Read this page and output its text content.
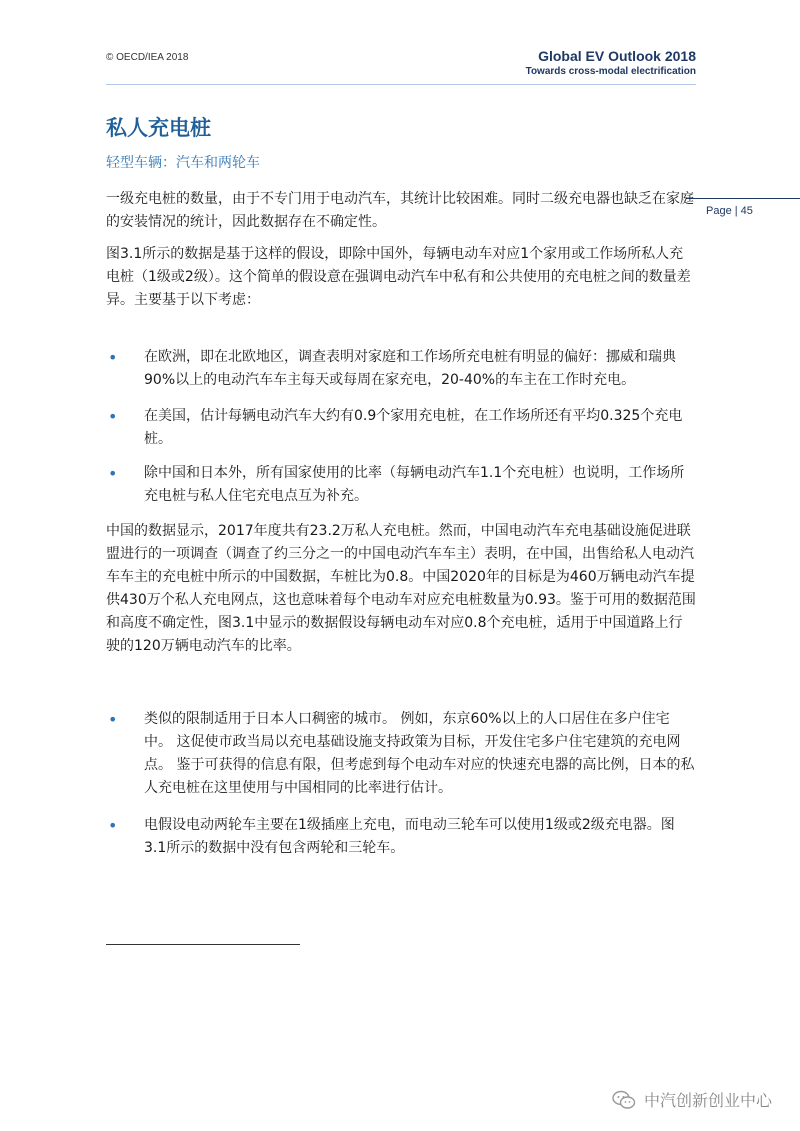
© OECD/IEA 2018	Global EV Outlook 2018
Towards cross-modal electrification
Page | 45
私人充电桩
轻型车辆：汽车和两轮车
一级充电桩的数量，由于不专门用于电动汽车，其统计比较困难。同时二级充电器也缺乏在家庭的安装情况的统计，因此数据存在不确定性。
图3.1所示的数据是基于这样的假设，即除中国外，每辆电动车对应1个家用或工作场所私人充电桩（1级或2级）。这个简单的假设意在强调电动汽车中私有和公共使用的充电桩之间的数量差异。主要基于以下考虑：
• 在欧洲，即在北欧地区，调查表明对家庭和工作场所充电桩有明显的偏好：挪威和瑞典90%以上的电动汽车车主每天或每周在家充电，20-40%的车主在工作时充电。
• 在美国，估计每辆电动汽车大约有0.9个家用充电桩，在工作场所还有平均0.325个充电桩。
• 除中国和日本外，所有国家使用的比率（每辆电动汽车1.1个充电桩）也说明，工作场所充电桩与私人住宅充电点互为补充。
中国的数据显示，2017年度共有23.2万私人充电桩。然而，中国电动汽车充电基础设施促进联盟进行的一项调查（调查了约三分之一的中国电动汽车车主）表明，在中国，出售给私人电动汽车车主的充电桩中所示的中国数据，车桩比为0.8。中国2020年的目标是为460万辆电动汽车提供430万个私人充电网点，这也意味着每个电动车对应充电桩数量为0.93。鉴于可用的数据范围和高度不确定性，图3.1中显示的数据假设每辆电动车对应0.8个充电桩，适用于中国道路上行驶的120万辆电动汽车的比率。
• 类似的限制适用于日本人口稠密的城市。 例如，东京60%以上的人口居住在多户住宅中。 这促使市政当局以充电基础设施支持政策为目标，开发住宅多户住宅建筑的充电网点。 鉴于可获得的信息有限，但考虑到每个电动车对应的快速充电器的高比例，日本的私人充电桩在这里使用与中国相同的比率进行估计。
• 电假设电动两轮车主要在1级插座上充电，而电动三轮车可以使用1级或2级充电器。图3.1所示的数据中没有包含两轮和三轮车。
中汽创新创业中心
